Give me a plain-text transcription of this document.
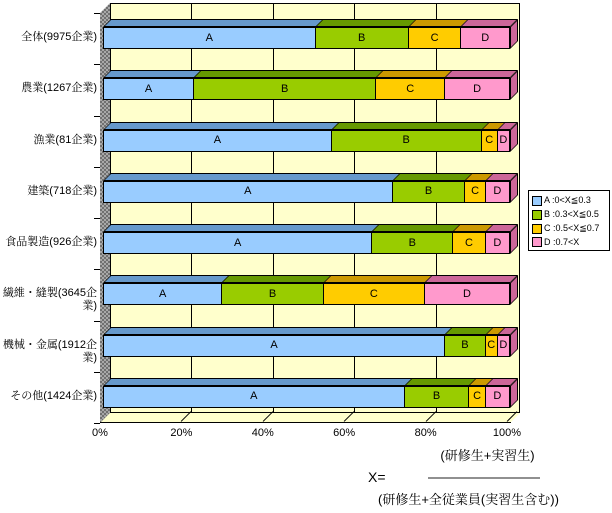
A	B	C	D
A	B	C	D
A	B	C D
A	B	C D
A	B	C D
A	B	C	D
A	B C D
A	B	C D
全体(9975企業)
農業(1267企業)
漁業(81企業)
建築(718企業)
食品製造(926企業)
繊維・縫製(3645企業)
機械・金属(1912企業)
その他(1424企業)
0%	20%	40%	60%	80%	100%
A :0<X≦0.3
B :0.3<X≦0.5
C :0.5<X≦0.7
D :0.7<X
(研修生+実習生)
X=
(研修生+全従業員(実習生含む))
